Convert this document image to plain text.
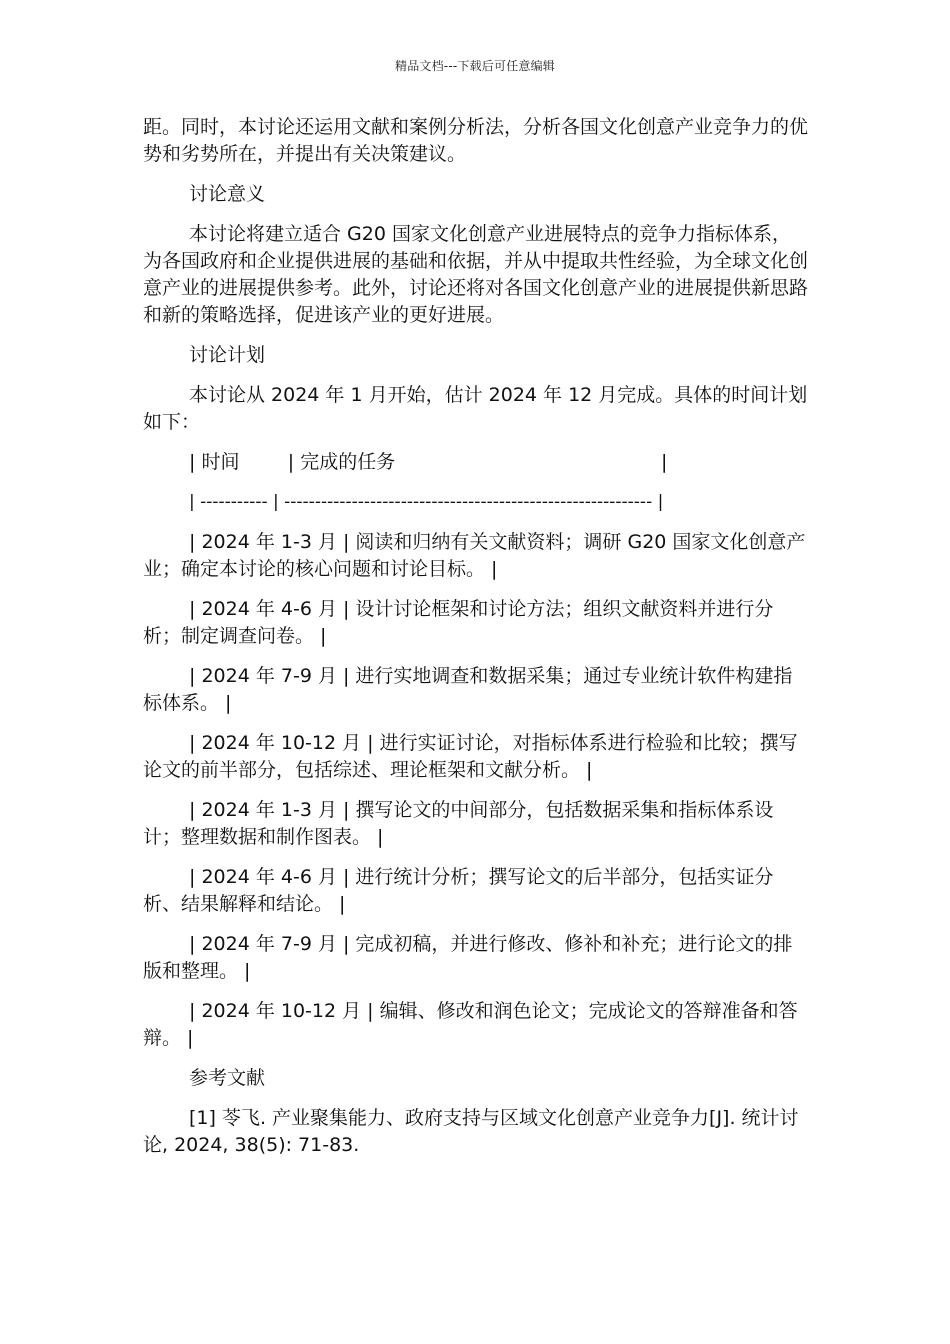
精品文档---下载后可任意编辑

距。同时，本讨论还运用文献和案例分析法，分析各国文化创意产业竞争力的优势和劣势所在，并提出有关决策建议。

讨论意义

本讨论将建立适合 G20 国家文化创意产业进展特点的竞争力指标体系，为各国政府和企业提供进展的基础和依据，并从中提取共性经验，为全球文化创意产业的进展提供参考。此外，讨论还将对各国文化创意产业的进展提供新思路和新的策略选择，促进该产业的更好进展。

讨论计划

本讨论从 2024 年 1 月开始，估计 2024 年 12 月完成。具体的时间计划如下：

| 时间        | 完成的任务                                            |

| ----------- | ------------------------------------------------------------ |

| 2024 年 1-3 月 | 阅读和归纳有关文献资料；调研 G20 国家文化创意产业；确定本讨论的核心问题和讨论目标。 |

| 2024 年 4-6 月 | 设计讨论框架和讨论方法；组织文献资料并进行分析；制定调查问卷。 |

| 2024 年 7-9 月 | 进行实地调查和数据采集；通过专业统计软件构建指标体系。 |

| 2024 年 10-12 月 | 进行实证讨论，对指标体系进行检验和比较；撰写论文的前半部分，包括综述、理论框架和文献分析。 |

| 2024 年 1-3 月 | 撰写论文的中间部分，包括数据采集和指标体系设计；整理数据和制作图表。 |

| 2024 年 4-6 月 | 进行统计分析；撰写论文的后半部分，包括实证分析、结果解释和结论。 |

| 2024 年 7-9 月 | 完成初稿，并进行修改、修补和补充；进行论文的排版和整理。 |

| 2024 年 10-12 月 | 编辑、修改和润色论文；完成论文的答辩准备和答辩。 |

参考文献

[1] 苓飞. 产业聚集能力、政府支持与区域文化创意产业竞争力[J]. 统计讨论, 2024, 38(5): 71-83.
